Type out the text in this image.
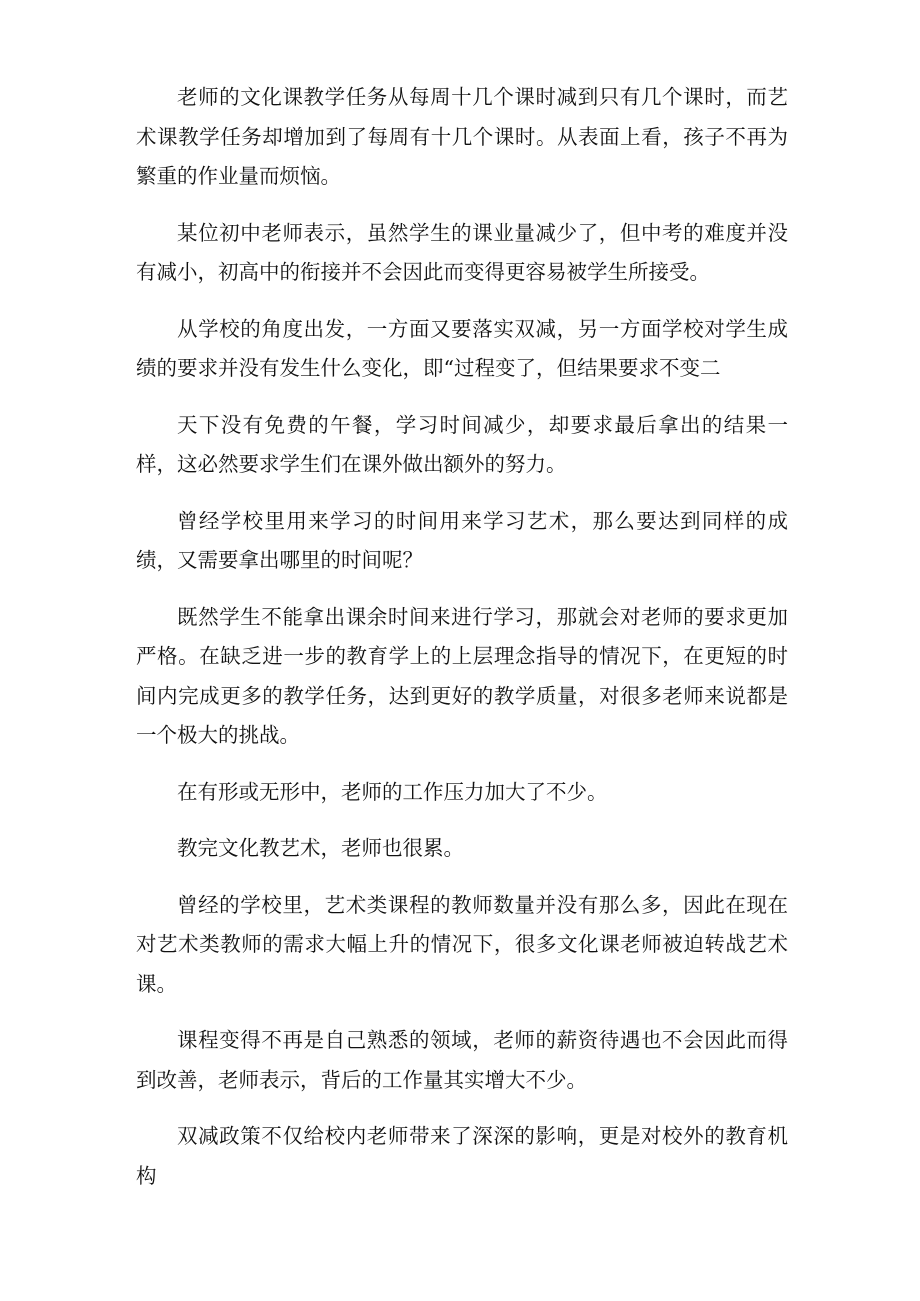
老师的文化课教学任务从每周十几个课时减到只有几个课时，而艺术课教学任务却增加到了每周有十几个课时。从表面上看，孩子不再为繁重的作业量而烦恼。

某位初中老师表示，虽然学生的课业量减少了，但中考的难度并没有减小，初高中的衔接并不会因此而变得更容易被学生所接受。

从学校的角度出发，一方面又要落实双减，另一方面学校对学生成绩的要求并没有发生什么变化，即“过程变了，但结果要求不变二

天下没有免费的午餐，学习时间减少，却要求最后拿出的结果一样，这必然要求学生们在课外做出额外的努力。

曾经学校里用来学习的时间用来学习艺术，那么要达到同样的成绩，又需要拿出哪里的时间呢？

既然学生不能拿出课余时间来进行学习，那就会对老师的要求更加严格。在缺乏进一步的教育学上的上层理念指导的情况下，在更短的时间内完成更多的教学任务，达到更好的教学质量，对很多老师来说都是一个极大的挑战。

在有形或无形中，老师的工作压力加大了不少。

教完文化教艺术，老师也很累。

曾经的学校里，艺术类课程的教师数量并没有那么多，因此在现在对艺术类教师的需求大幅上升的情况下，很多文化课老师被迫转战艺术课。

课程变得不再是自己熟悉的领域，老师的薪资待遇也不会因此而得到改善，老师表示，背后的工作量其实增大不少。

双减政策不仅给校内老师带来了深深的影响，更是对校外的教育机构
